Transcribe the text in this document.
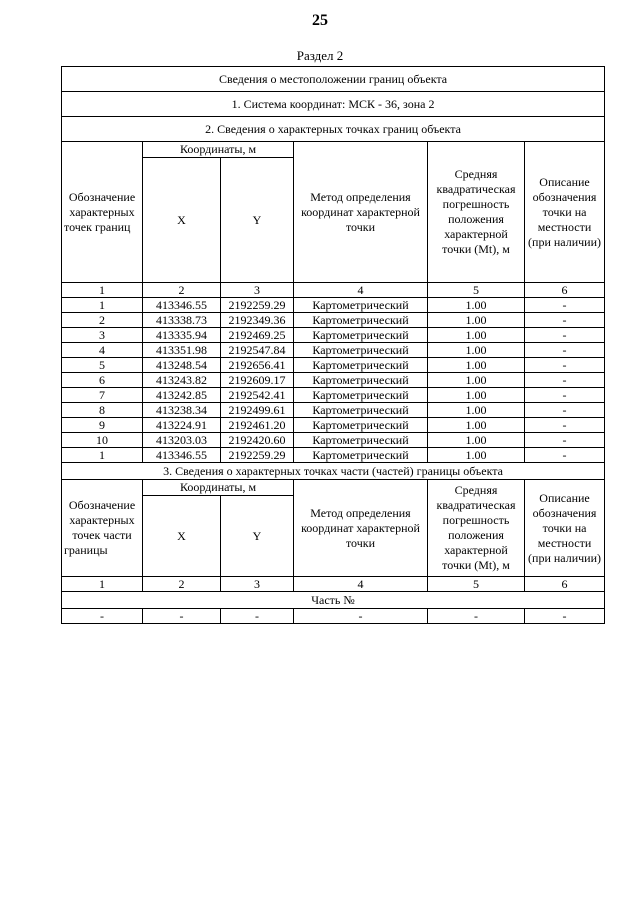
25
Раздел 2
Сведения о местоположении границ объекта					
1. Система координат: МСК - 36, зона 2					
2. Сведения о характерных точках границ объекта					
Обозначение характерных точек границ	Координаты, м		Метод определения координат характерной точки	Средняя квадратическая погрешность положения характерной точки (Mt), м	Описание обозначения точки на местности (при наличии)
	X	Y			
1	2	3	4	5	6
1	413346.55	2192259.29	Картометрический	1.00	-
2	413338.73	2192349.36	Картометрический	1.00	-
3	413335.94	2192469.25	Картометрический	1.00	-
4	413351.98	2192547.84	Картометрический	1.00	-
5	413248.54	2192656.41	Картометрический	1.00	-
6	413243.82	2192609.17	Картометрический	1.00	-
7	413242.85	2192542.41	Картометрический	1.00	-
8	413238.34	2192499.61	Картометрический	1.00	-
9	413224.91	2192461.20	Картометрический	1.00	-
10	413203.03	2192420.60	Картометрический	1.00	-
1	413346.55	2192259.29	Картометрический	1.00	-
3. Сведения о характерных точках части (частей) границы объекта					
Обозначение характерных точек части границы	Координаты, м		Метод определения координат характерной точки	Средняя квадратическая погрешность положения характерной точки (Mt), м	Описание обозначения точки на местности (при наличии)
	X	Y			
1	2	3	4	5	6
Часть №					
-	-	-	-	-	-
